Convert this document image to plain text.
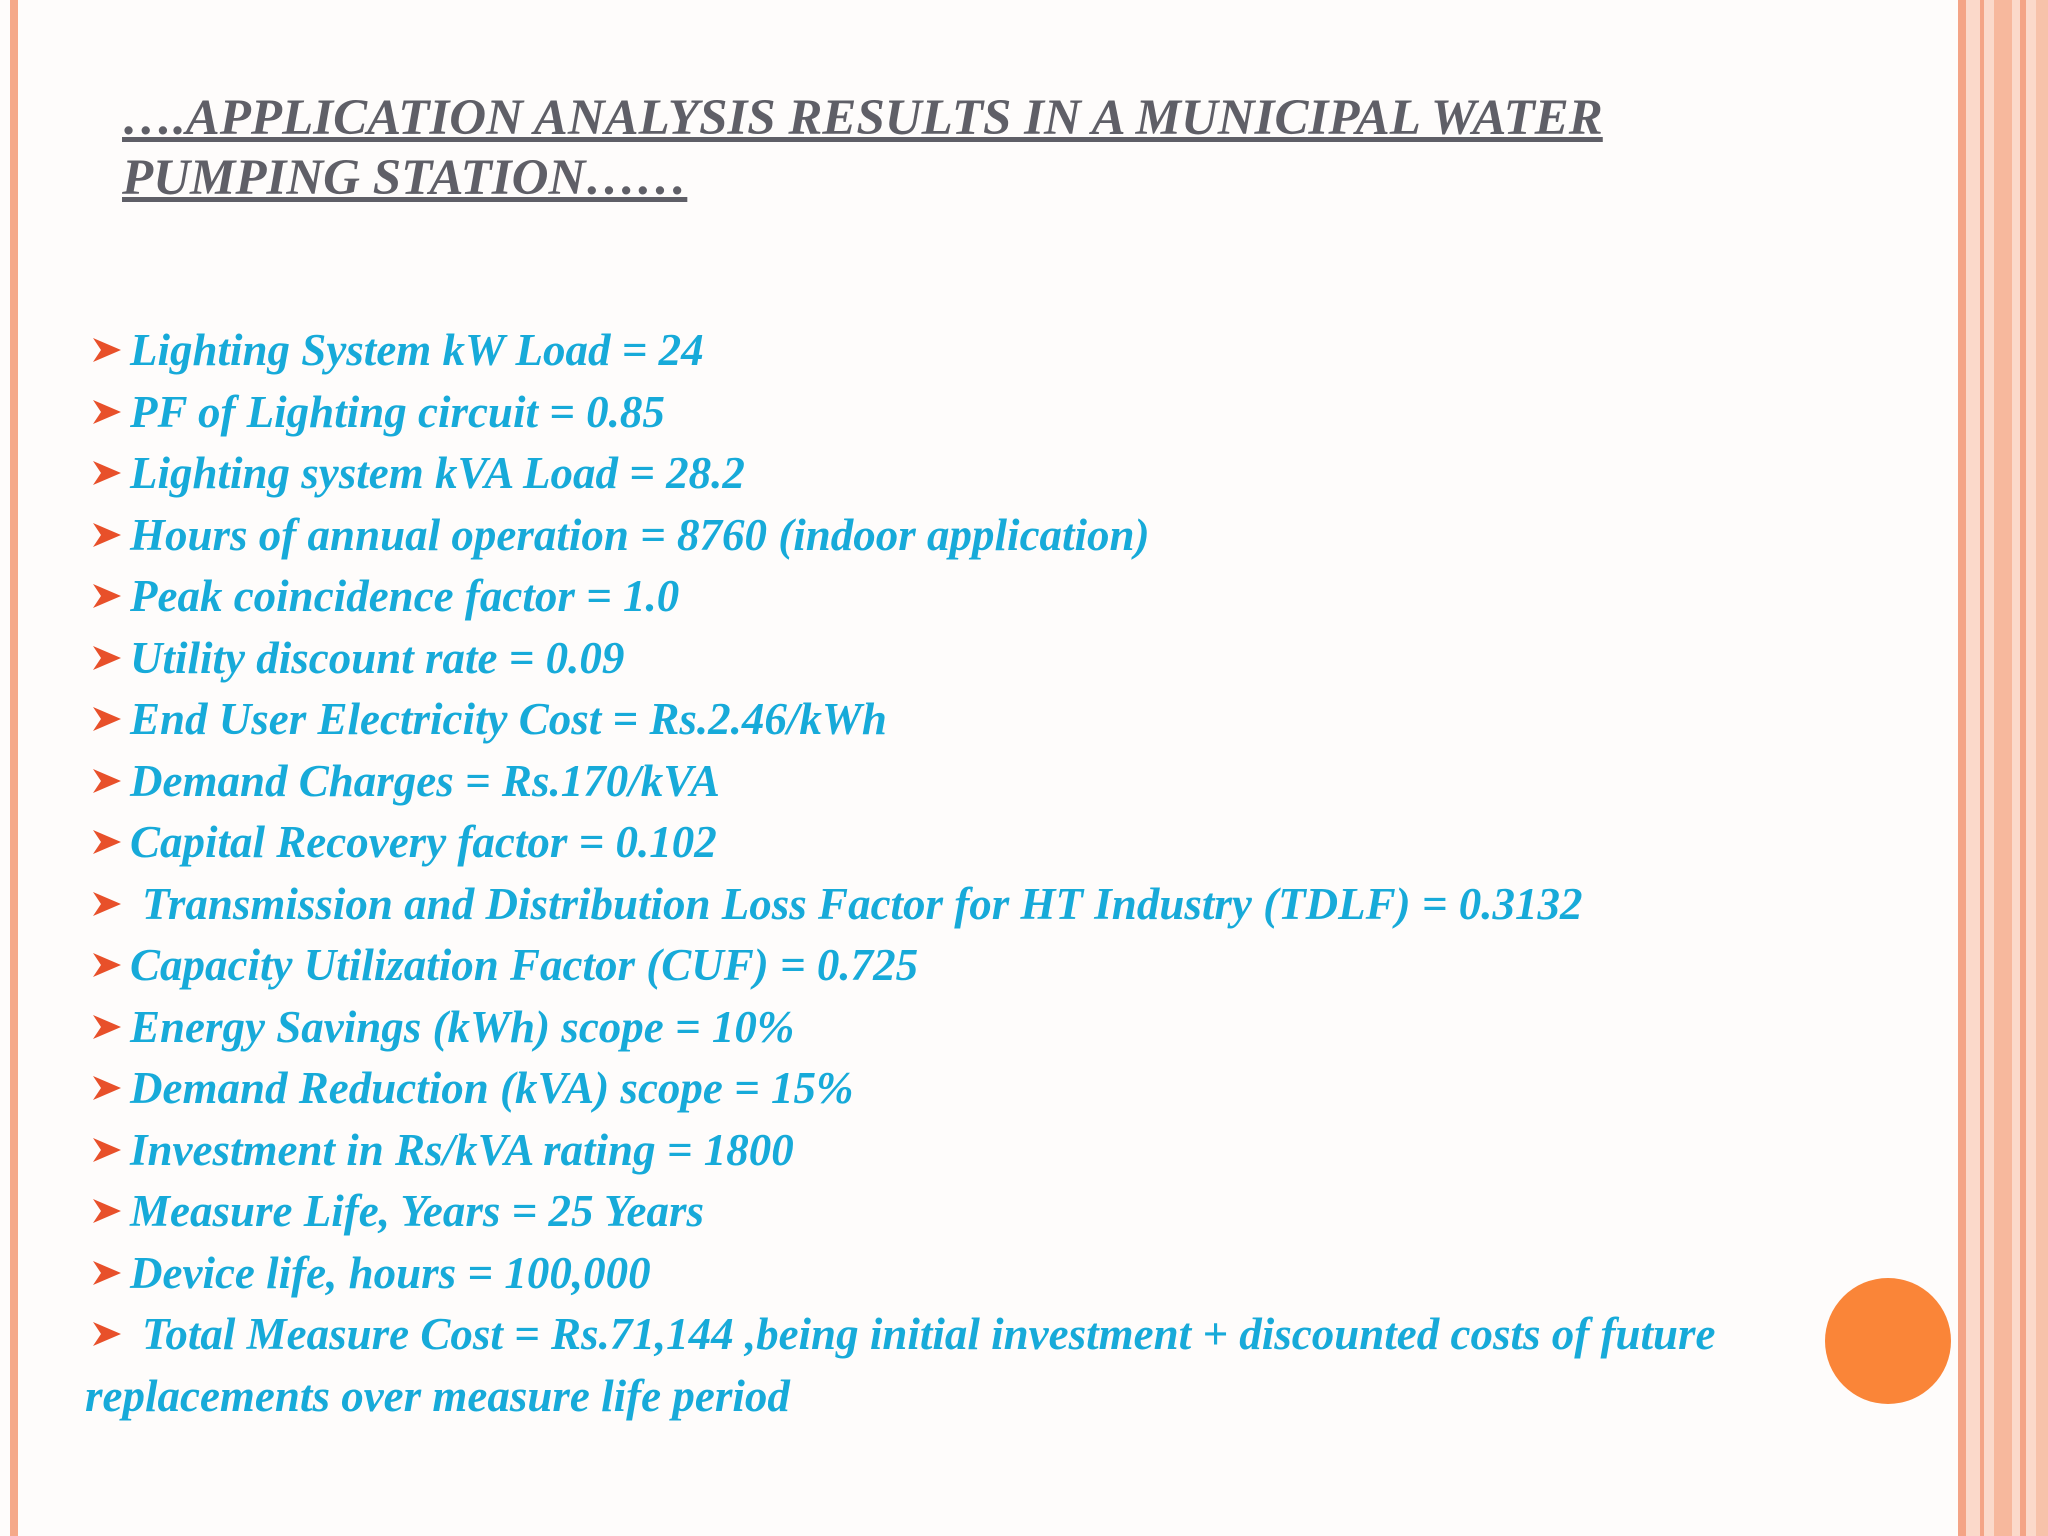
….APPLICATION ANALYSIS RESULTS IN A MUNICIPAL WATER PUMPING STATION……
Lighting System kW Load = 24
PF of Lighting circuit = 0.85
Lighting system kVA Load = 28.2
Hours of annual operation = 8760 (indoor application)
Peak coincidence factor = 1.0
Utility discount rate = 0.09
End User Electricity Cost = Rs.2.46/kWh
Demand Charges = Rs.170/kVA
Capital Recovery factor = 0.102
Transmission and Distribution Loss Factor for HT Industry (TDLF) = 0.3132
Capacity Utilization Factor (CUF) = 0.725
Energy Savings (kWh) scope = 10%
Demand Reduction (kVA) scope = 15%
Investment in Rs/kVA rating = 1800
Measure Life, Years = 25 Years
Device life, hours = 100,000
Total Measure Cost = Rs.71,144 ,being initial investment + discounted costs of future replacements over measure life period
